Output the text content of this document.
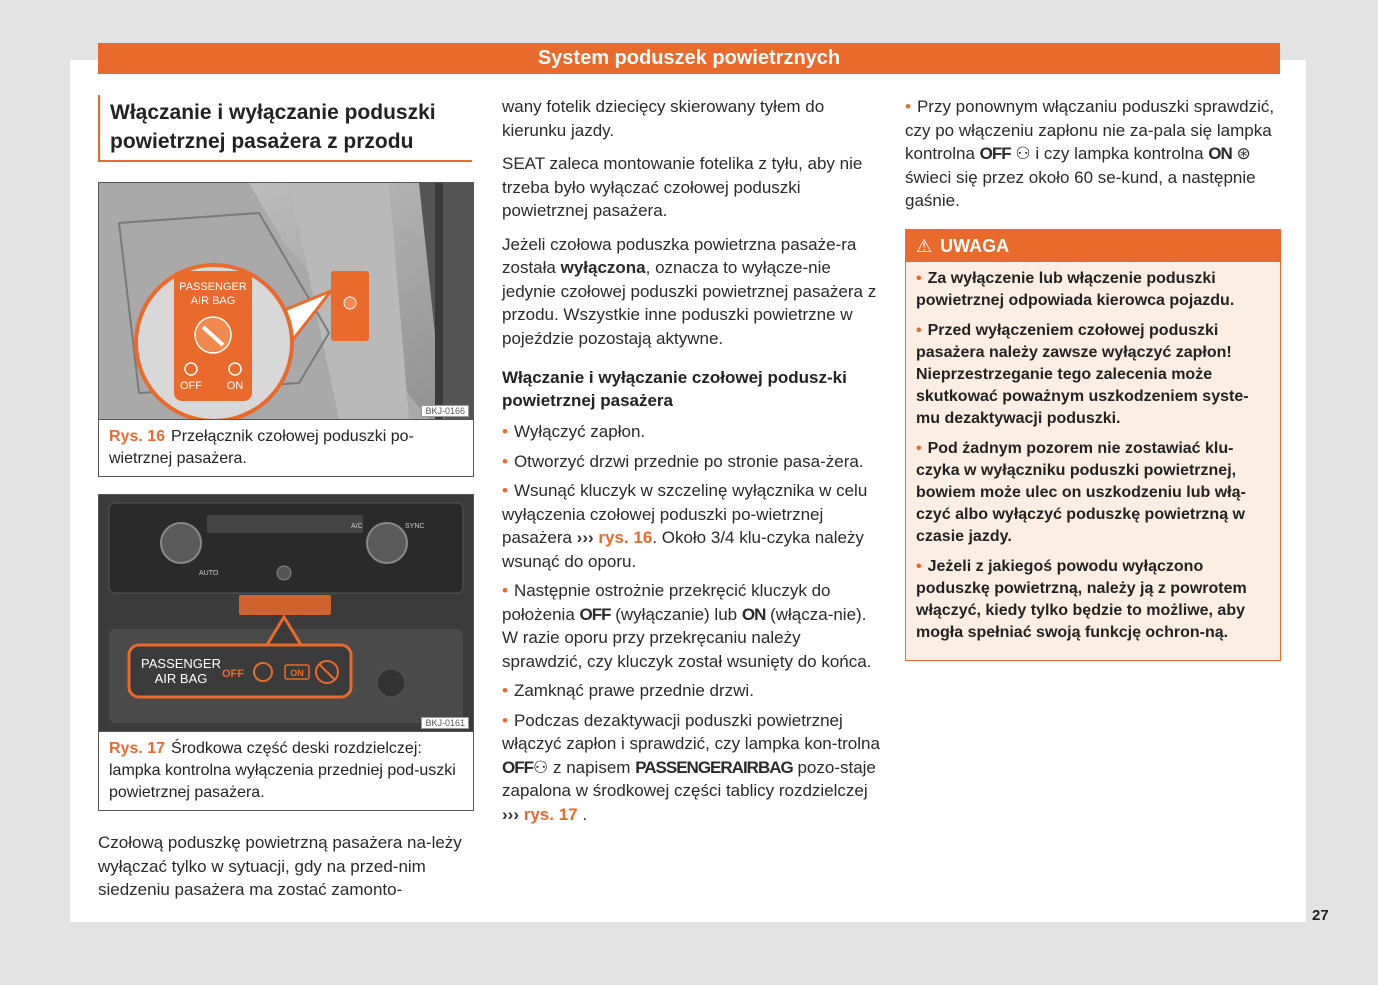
System poduszek powietrznych
Włączanie i wyłączanie poduszki powietrznej pasażera z przodu
PASSENGER
AIR BAG
OFF ON
BKJ-0166
Rys. 16 Przełącznik czołowej poduszki po-wietrznej pasażera.
A/C	SYNC
AUTO
PASSENGER
AIR BAG OFF	ON
BKJ-0161
Rys. 17 Środkowa część deski rozdzielczej: lampka kontrolna wyłączenia przedniej pod-uszki powietrznej pasażera.

Czołową poduszkę powietrzną pasażera na-leży wyłączać tylko w sytuacji, gdy na przed-nim siedzeniu pasażera ma zostać zamonto-

wany fotelik dziecięcy skierowany tyłem do kierunku jazdy.

SEAT zaleca montowanie fotelika z tyłu, aby nie trzeba było wyłączać czołowej poduszki powietrznej pasażera.

Jeżeli czołowa poduszka powietrzna pasaże-ra została wyłączona, oznacza to wyłącze-nie jedynie czołowej poduszki powietrznej pasażera z przodu. Wszystkie inne poduszki powietrzne w pojeździe pozostają aktywne.

Włączanie i wyłączanie czołowej podusz-ki powietrznej pasażera
• Wyłączyć zapłon.
• Otworzyć drzwi przednie po stronie pasa-żera.
• Wsunąć kluczyk w szczelinę wyłącznika w celu wyłączenia czołowej poduszki po-wietrznej pasażera ››› rys. 16. Około 3/4 klu-czyka należy wsunąć do oporu.
• Następnie ostrożnie przekręcić kluczyk do położenia OFF (wyłączanie) lub ON (włącza-nie). W razie oporu przy przekręcaniu należy sprawdzić, czy kluczyk został wsunięty do końca.
• Zamknąć prawe przednie drzwi.
• Podczas dezaktywacji poduszki powietrznej włączyć zapłon i sprawdzić, czy lampka kon-trolna OFF⚇ z napisem PASSENGERAIRBAG pozo-staje zapalona w środkowej części tablicy rozdzielczej ››› rys. 17 .

• Przy ponownym włączaniu poduszki sprawdzić, czy po włączeniu zapłonu nie za-pala się lampka kontrolna OFF ⚇ i czy lampka kontrolna ON ⊛ świeci się przez około 60 se-kund, a następnie gaśnie.

⚠ UWAGA
• Za wyłączenie lub włączenie poduszki powietrznej odpowiada kierowca pojazdu.
• Przed wyłączeniem czołowej poduszki pasażera należy zawsze wyłączyć zapłon! Nieprzestrzeganie tego zalecenia może skutkować poważnym uszkodzeniem syste-mu dezaktywacji poduszki.
• Pod żadnym pozorem nie zostawiać klu-czyka w wyłączniku poduszki powietrznej, bowiem może ulec on uszkodzeniu lub włą-czyć albo wyłączyć poduszkę powietrzną w czasie jazdy.
• Jeżeli z jakiegoś powodu wyłączono poduszkę powietrzną, należy ją z powrotem włączyć, kiedy tylko będzie to możliwe, aby mogła spełniać swoją funkcję ochron-ną.
27
